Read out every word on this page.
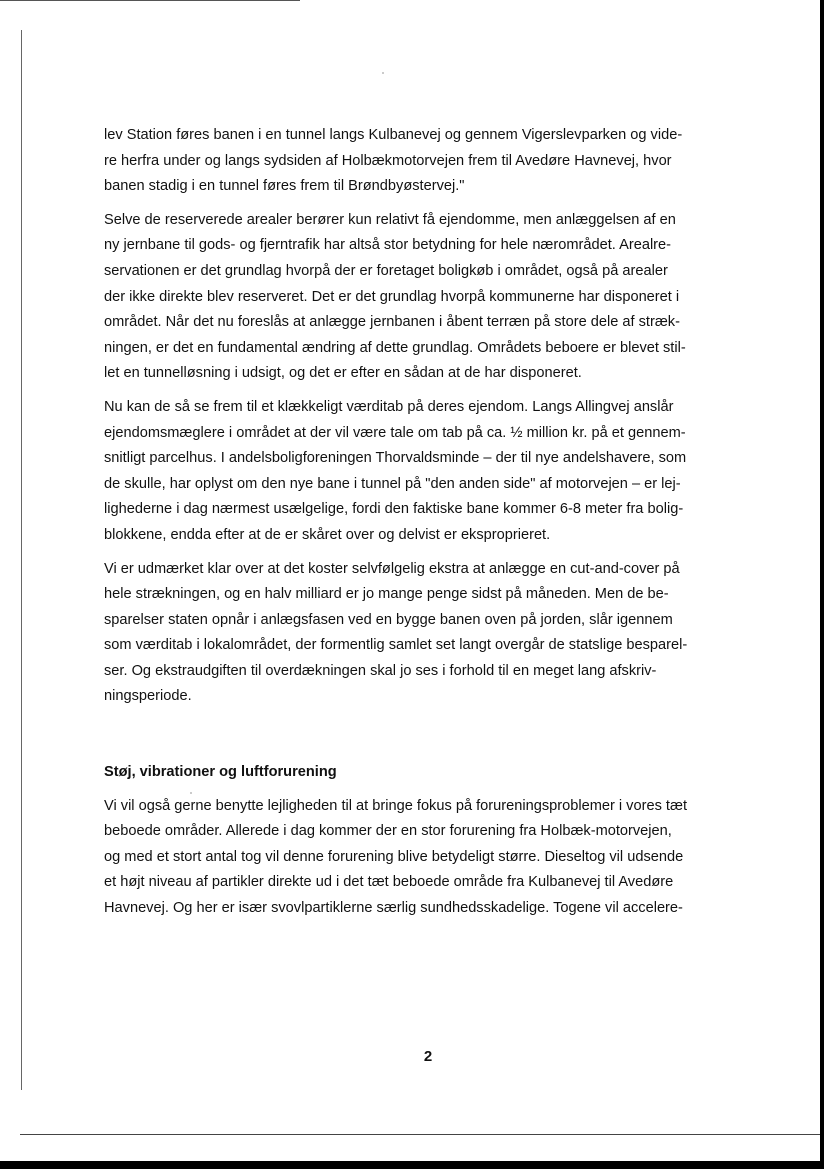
lev Station føres banen i en tunnel langs Kulbanevej og gennem Vigerslevparken og vide-
re herfra under og langs sydsiden af Holbækmotorvejen frem til Avedøre Havnevej, hvor
banen stadig i en tunnel føres frem til Brøndbyøstervej."

Selve de reserverede arealer berører kun relativt få ejendomme, men anlæggelsen af en
ny jernbane til gods- og fjerntrafik har altså stor betydning for hele nærområdet. Arealre-
servationen er det grundlag hvorpå der er foretaget boligkøb i området, også på arealer
der ikke direkte blev reserveret. Det er det grundlag hvorpå kommunerne har disponeret i
området. Når det nu foreslås at anlægge jernbanen i åbent terræn på store dele af stræk-
ningen, er det en fundamental ændring af dette grundlag. Områdets beboere er blevet stil-
let en tunnelløsning i udsigt, og det er efter en sådan at de har disponeret.

Nu kan de så se frem til et klækkeligt værditab på deres ejendom. Langs Allingvej anslår
ejendomsmæglere i området at der vil være tale om tab på ca. ½ million kr. på et gennem-
snitligt parcelhus. I andelsboligforeningen Thorvaldsminde – der til nye andelshavere, som
de skulle, har oplyst om den nye bane i tunnel på "den anden side" af motorvejen – er lej-
lighederne i dag nærmest usælgelige, fordi den faktiske bane kommer 6-8 meter fra bolig-
blokkene, endda efter at de er skåret over og delvist er eksproprieret.

Vi er udmærket klar over at det koster selvfølgelig ekstra at anlægge en cut-and-cover på
hele strækningen, og en halv milliard er jo mange penge sidst på måneden. Men de be-
sparelser staten opnår i anlægsfasen ved en bygge banen oven på jorden, slår igennem
som værditab i lokalområdet, der formentlig samlet set langt overgår de statslige besparel-
ser. Og ekstraudgiften til overdækningen skal jo ses i forhold til en meget lang afskriv-
ningsperiode.

Støj, vibrationer og luftforurening

Vi vil også gerne benytte lejligheden til at bringe fokus på forureningsproblemer i vores tæt
beboede områder. Allerede i dag kommer der en stor forurening fra Holbæk-motorvejen,
og med et stort antal tog vil denne forurening blive betydeligt større. Dieseltog vil udsende
et højt niveau af partikler direkte ud i det tæt beboede område fra Kulbanevej til Avedøre
Havnevej. Og her er især svovlpartiklerne særlig sundhedsskadelige. Togene vil accelere-

2
